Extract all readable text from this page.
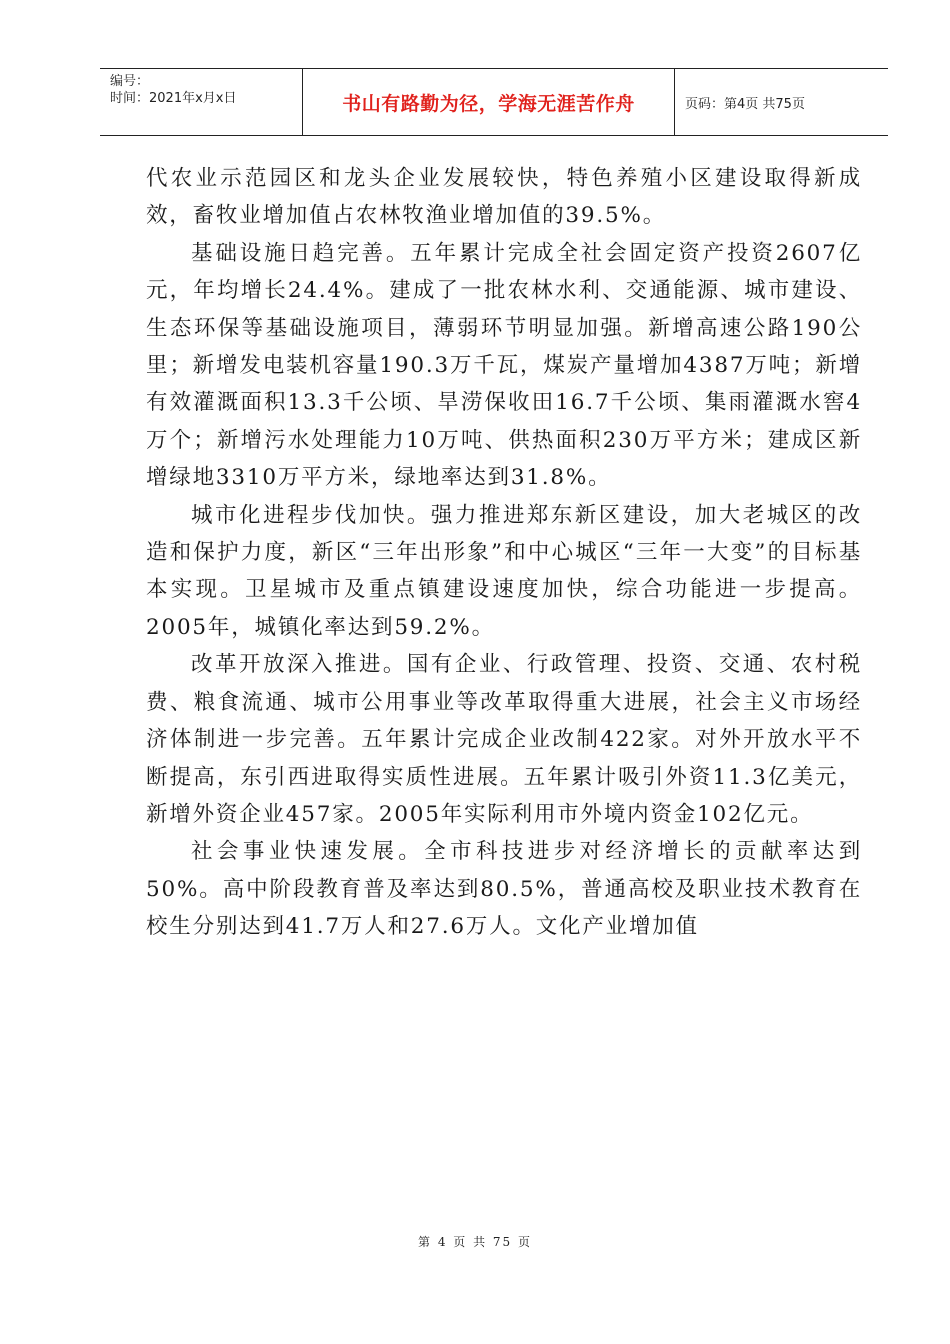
编号：
时间：2021年x月x日	书山有路勤为径，学海无涯苦作舟	页码：第4页 共75页

代农业示范园区和龙头企业发展较快，特色养殖小区建设取得新成效，畜牧业增加值占农林牧渔业增加值的39.5%。

基础设施日趋完善。五年累计完成全社会固定资产投资2607亿元，年均增长24.4%。建成了一批农林水利、交通能源、城市建设、生态环保等基础设施项目，薄弱环节明显加强。新增高速公路190公里；新增发电装机容量190.3万千瓦，煤炭产量增加4387万吨；新增有效灌溉面积13.3千公顷、旱涝保收田16.7千公顷、集雨灌溉水窖4万个；新增污水处理能力10万吨、供热面积230万平方米；建成区新增绿地3310万平方米，绿地率达到31.8%。

城市化进程步伐加快。强力推进郑东新区建设，加大老城区的改造和保护力度，新区“三年出形象”和中心城区“三年一大变”的目标基本实现。卫星城市及重点镇建设速度加快，综合功能进一步提高。2005年，城镇化率达到59.2%。

改革开放深入推进。国有企业、行政管理、投资、交通、农村税费、粮食流通、城市公用事业等改革取得重大进展，社会主义市场经济体制进一步完善。五年累计完成企业改制422家。对外开放水平不断提高，东引西进取得实质性进展。五年累计吸引外资11.3亿美元，新增外资企业457家。2005年实际利用市外境内资金102亿元。

社会事业快速发展。全市科技进步对经济增长的贡献率达到50%。高中阶段教育普及率达到80.5%，普通高校及职业技术教育在校生分别达到41.7万人和27.6万人。文化产业增加值

第 4 页 共 75 页
